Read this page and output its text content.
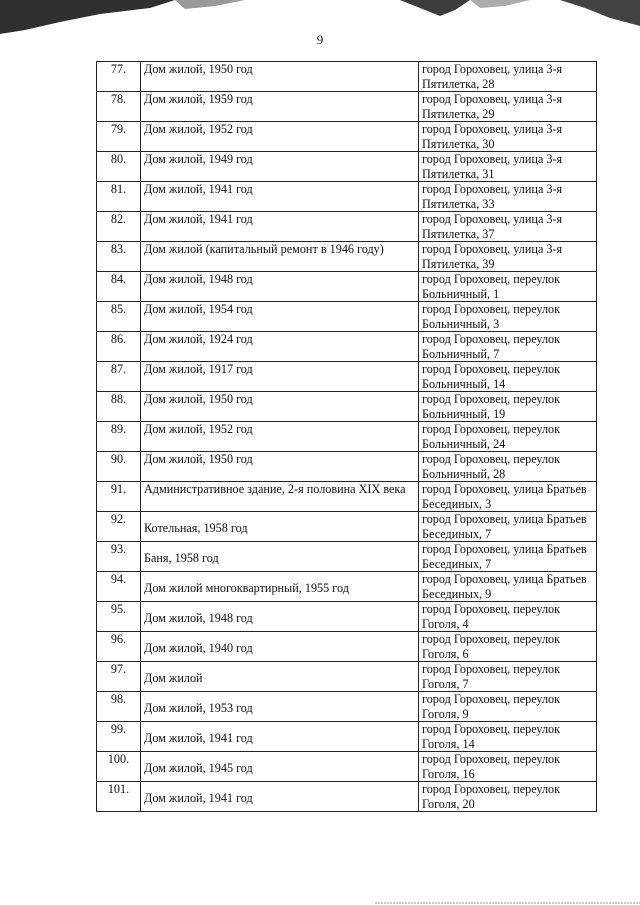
9
77.	Дом жилой, 1950 год	город Гороховец, улица 3-я Пятилетка, 28
78.	Дом жилой, 1959 год	город Гороховец, улица 3-я Пятилетка, 29
79.	Дом жилой, 1952 год	город Гороховец, улица 3-я Пятилетка, 30
80.	Дом жилой, 1949 год	город Гороховец, улица 3-я Пятилетка, 31
81.	Дом жилой, 1941 год	город Гороховец, улица 3-я Пятилетка, 33
82.	Дом жилой, 1941 год	город Гороховец, улица 3-я Пятилетка, 37
83.	Дом жилой (капитальный ремонт в 1946 году)	город Гороховец, улица 3-я Пятилетка, 39
84.	Дом жилой, 1948 год	город Гороховец, переулок Больничный, 1
85.	Дом жилой, 1954 год	город Гороховец, переулок Больничный, 3
86.	Дом жилой, 1924 год	город Гороховец, переулок Больничный, 7
87.	Дом жилой, 1917 год	город Гороховец, переулок Больничный, 14
88.	Дом жилой, 1950 год	город Гороховец, переулок Больничный, 19
89.	Дом жилой, 1952 год	город Гороховец, переулок Больничный, 24
90.	Дом жилой, 1950 год	город Гороховец, переулок Больничный, 28
91.	Административное здание, 2-я половина XIX века	город Гороховец, улица Братьев Бесединых, 3
92.	Котельная, 1958 год	город Гороховец, улица Братьев Бесединых, 7
93.	Баня, 1958 год	город Гороховец, улица Братьев Бесединых, 7
94.	Дом жилой многоквартирный, 1955 год	город Гороховец, улица Братьев Бесединых, 9
95.	Дом жилой, 1948 год	город Гороховец, переулок Гоголя, 4
96.	Дом жилой, 1940 год	город Гороховец, переулок Гоголя, 6
97.	Дом жилой	город Гороховец, переулок Гоголя, 7
98.	Дом жилой, 1953 год	город Гороховец, переулок Гоголя, 9
99.	Дом жилой, 1941 год	город Гороховец, переулок Гоголя, 14
100.	Дом жилой, 1945 год	город Гороховец, переулок Гоголя, 16
101.	Дом жилой, 1941 год	город Гороховец, переулок Гоголя, 20
